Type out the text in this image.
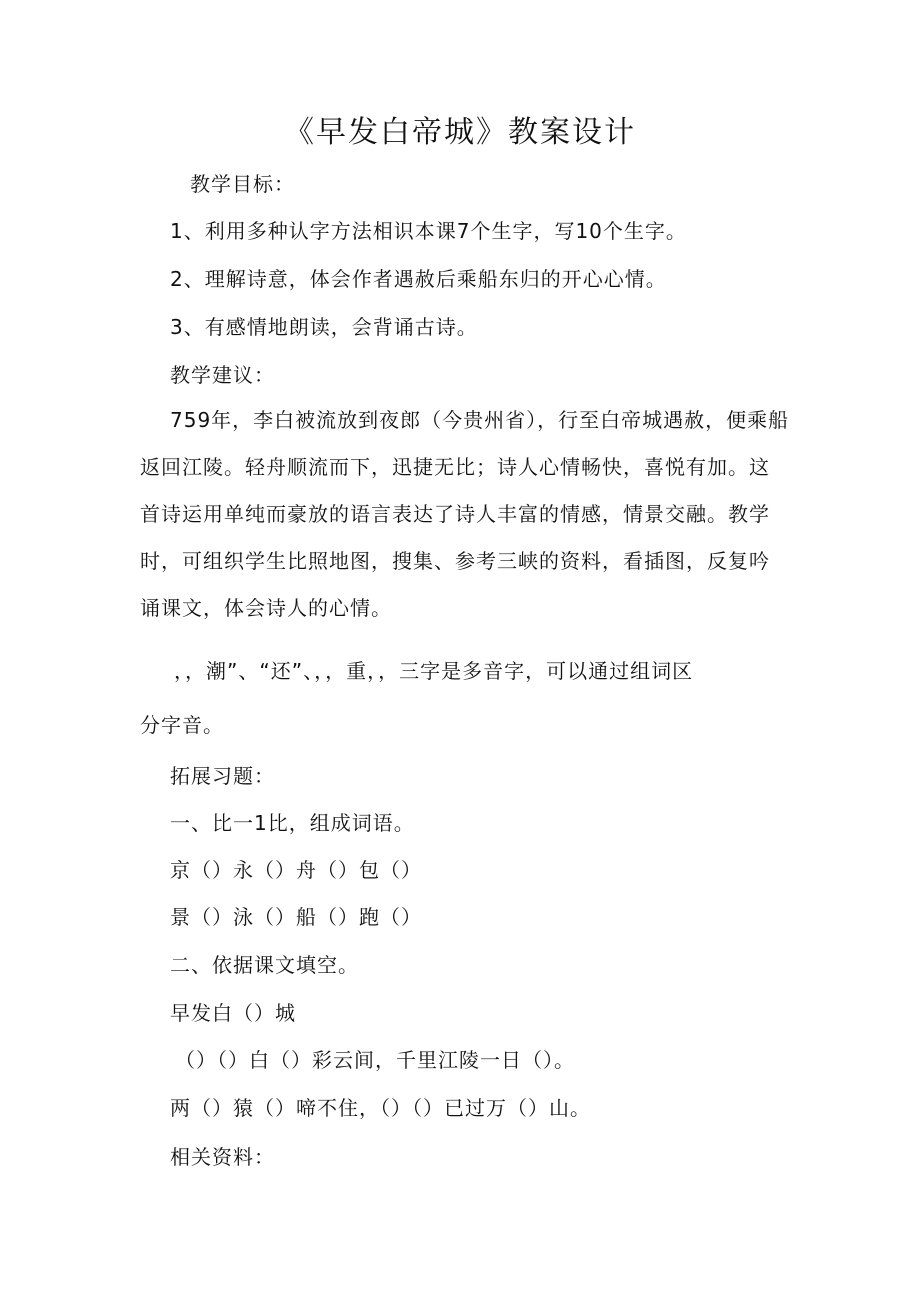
《早发白帝城》教案设计
教学目标：
1、利用多种认字方法相识本课7个生字，写10个生字。
2、理解诗意，体会作者遇赦后乘船东归的开心心情。
3、有感情地朗读，会背诵古诗。
教学建议：

759年，李白被流放到夜郎（今贵州省），行至白帝城遇赦，便乘船返回江陵。轻舟顺流而下，迅捷无比；诗人心情畅快，喜悦有加。这首诗运用单纯而豪放的语言表达了诗人丰富的情感，情景交融。教学时，可组织学生比照地图，搜集、参考三峡的资料，看插图，反复吟诵课文，体会诗人的心情。

，，潮”、“还”、，，重，，三字是多音字，可以通过组词区
分字音。
拓展习题：
一、比一1比，组成词语。
京（）永（）舟（）包（）
景（）泳（）船（）跑（）
二、依据课文填空。
早发白（）城
（）（）白（）彩云间，千里江陵一日（）。
两（）猿（）啼不住，（）（）已过万（）山。
相关资料：
